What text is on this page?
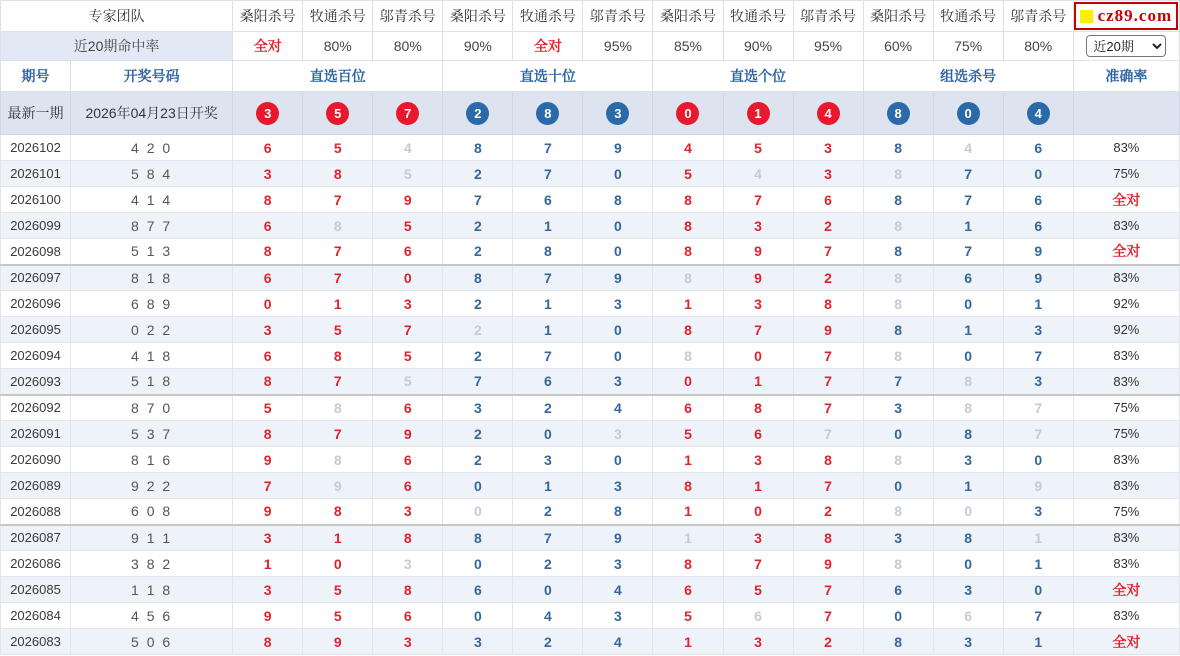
专家团队		桑阳杀号	牧通杀号	邬青杀号	桑阳杀号	牧通杀号	邬青杀号	桑阳杀号	牧通杀号	邬青杀号	桑阳杀号	牧通杀号	邬青杀号	cz89.com

近20期命中率		全对	80%	80%	90%	全对	95%	85%	90%	95%	60%	75%	80%	
近20期
期号	开奖号码	直选百位			直选十位			直选个位			组选杀号			准确率
最新一期	2026年04月23日开奖	3	5	7	2	8	3	0	1	4	8	0	4	
2026102	4 2 0	6	5	4	8	7	9	4	5	3	8	4	6	83%
2026101	5 8 4	3	8	5	2	7	0	5	4	3	8	7	0	75%
2026100	4 1 4	8	7	9	7	6	8	8	7	6	8	7	6	全对
2026099	8 7 7	6	8	5	2	1	0	8	3	2	8	1	6	83%
2026098	5 1 3	8	7	6	2	8	0	8	9	7	8	7	9	全对
2026097	8 1 8	6	7	0	8	7	9	8	9	2	8	6	9	83%
2026096	6 8 9	0	1	3	2	1	3	1	3	8	8	0	1	92%
2026095	0 2 2	3	5	7	2	1	0	8	7	9	8	1	3	92%
2026094	4 1 8	6	8	5	2	7	0	8	0	7	8	0	7	83%
2026093	5 1 8	8	7	5	7	6	3	0	1	7	7	8	3	83%
2026092	8 7 0	5	8	6	3	2	4	6	8	7	3	8	7	75%
2026091	5 3 7	8	7	9	2	0	3	5	6	7	0	8	7	75%
2026090	8 1 6	9	8	6	2	3	0	1	3	8	8	3	0	83%
2026089	9 2 2	7	9	6	0	1	3	8	1	7	0	1	9	83%
2026088	6 0 8	9	8	3	0	2	8	1	0	2	8	0	3	75%
2026087	9 1 1	3	1	8	8	7	9	1	3	8	3	8	1	83%
2026086	3 8 2	1	0	3	0	2	3	8	7	9	8	0	1	83%
2026085	1 1 8	3	5	8	6	0	4	6	5	7	6	3	0	全对
2026084	4 5 6	9	5	6	0	4	3	5	6	7	0	6	7	83%
2026083	5 0 6	8	9	3	3	2	4	1	3	2	8	3	1	全对
